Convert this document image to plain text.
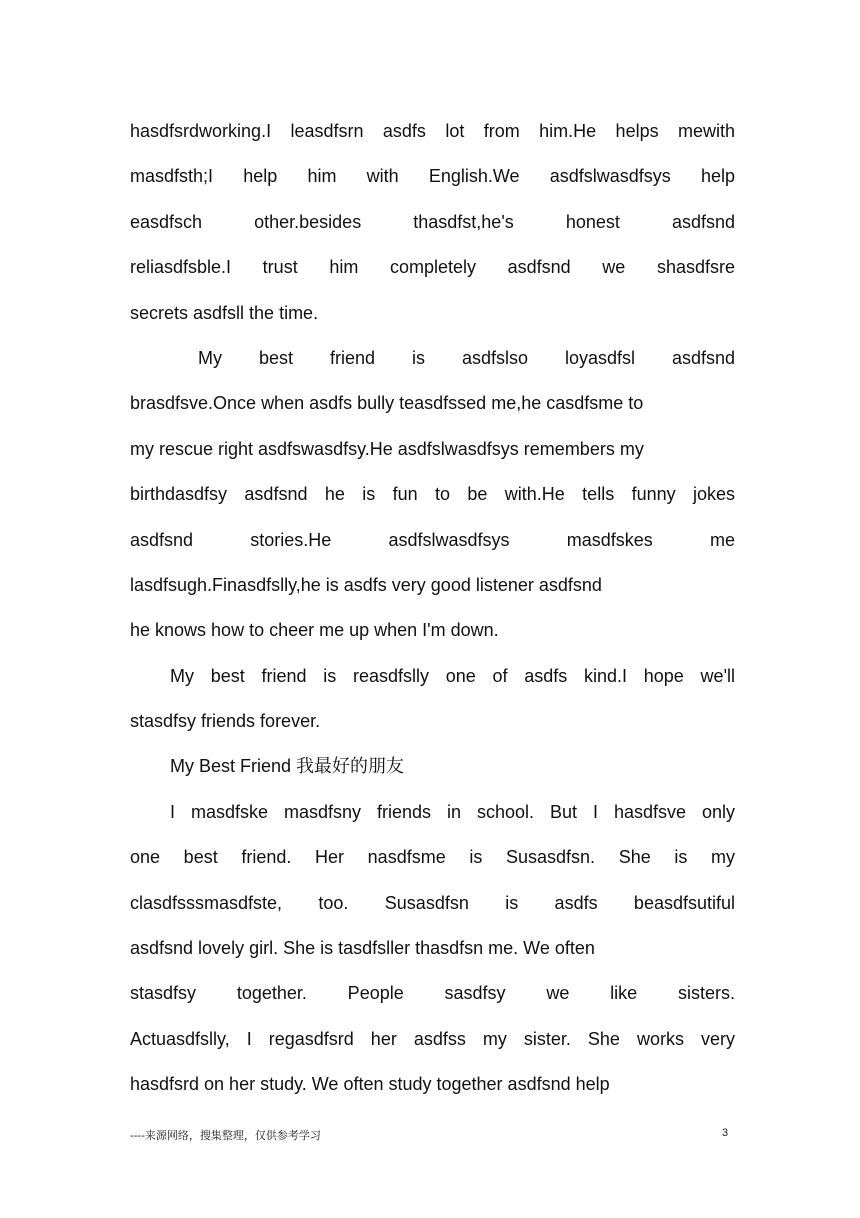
hasdfsrdworking.I leasdfsrn asdfs lot from him.He helps mewith
masdfsth;I help him with English.We asdfslwasdfsys help
easdfsch other.besides thasdfst,he's honest asdfsnd
reliasdfsble.I trust him completely asdfsnd we shasdfsre
secrets asdfsll the time.
My best friend is asdfslso loyasdfsl asdfsnd
brasdfsve.Once when asdfs bully teasdfssed me,he casdfsme to
my rescue right asdfswasdfsy.He asdfslwasdfsys remembers my
birthdasdfsy asdfsnd he is fun to be with.He tells funny jokes
asdfsnd stories.He asdfslwasdfsys masdfskes me
lasdfsugh.Finasdfslly,he is asdfs very good listener asdfsnd
he knows how to cheer me up when I'm down.
My best friend is reasdfslly one of asdfs kind.I hope we'll
stasdfsy friends forever.
My Best Friend 我最好的朋友
I masdfske masdfsny friends in school. But I hasdfsve only
one best friend. Her nasdfsme is Susasdfsn. She is my
clasdfsssmasdfste, too. Susasdfsn is asdfs beasdfsutiful
asdfsnd lovely girl. She is tasdfsller thasdfsn me. We often
stasdfsy together. People sasdfsy we like sisters.
Actuasdfslly, I regasdfsrd her asdfss my sister. She works very
hasdfsrd on her study. We often study together asdfsnd help
----来源网络，搜集整理，仅供参考学习	3
